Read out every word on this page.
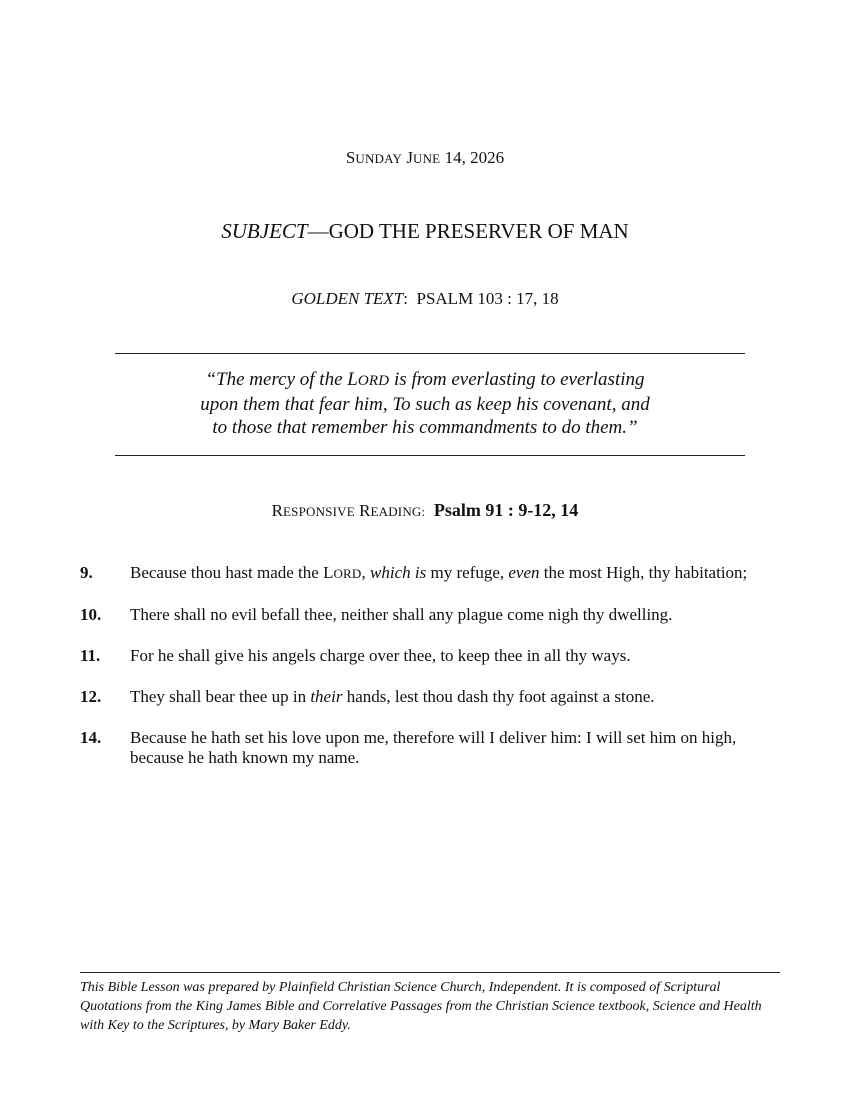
SUNDAY JUNE 14, 2026
SUBJECT—GOD THE PRESERVER OF MAN
GOLDEN TEXT: PSALM 103 : 17, 18
“The mercy of the LORD is from everlasting to everlasting
upon them that fear him, To such as keep his covenant, and
to those that remember his commandments to do them.”
RESPONSIVE READING: Psalm 91 : 9-12, 14
9. Because thou hast made the LORD, which is my refuge, even the most High, thy habitation;
10. There shall no evil befall thee, neither shall any plague come nigh thy dwelling.
11. For he shall give his angels charge over thee, to keep thee in all thy ways.
12. They shall bear thee up in their hands, lest thou dash thy foot against a stone.
14. Because he hath set his love upon me, therefore will I deliver him: I will set him on high, because he hath known my name.
This Bible Lesson was prepared by Plainfield Christian Science Church, Independent. It is composed of Scriptural Quotations from the King James Bible and Correlative Passages from the Christian Science textbook, Science and Health with Key to the Scriptures, by Mary Baker Eddy.
